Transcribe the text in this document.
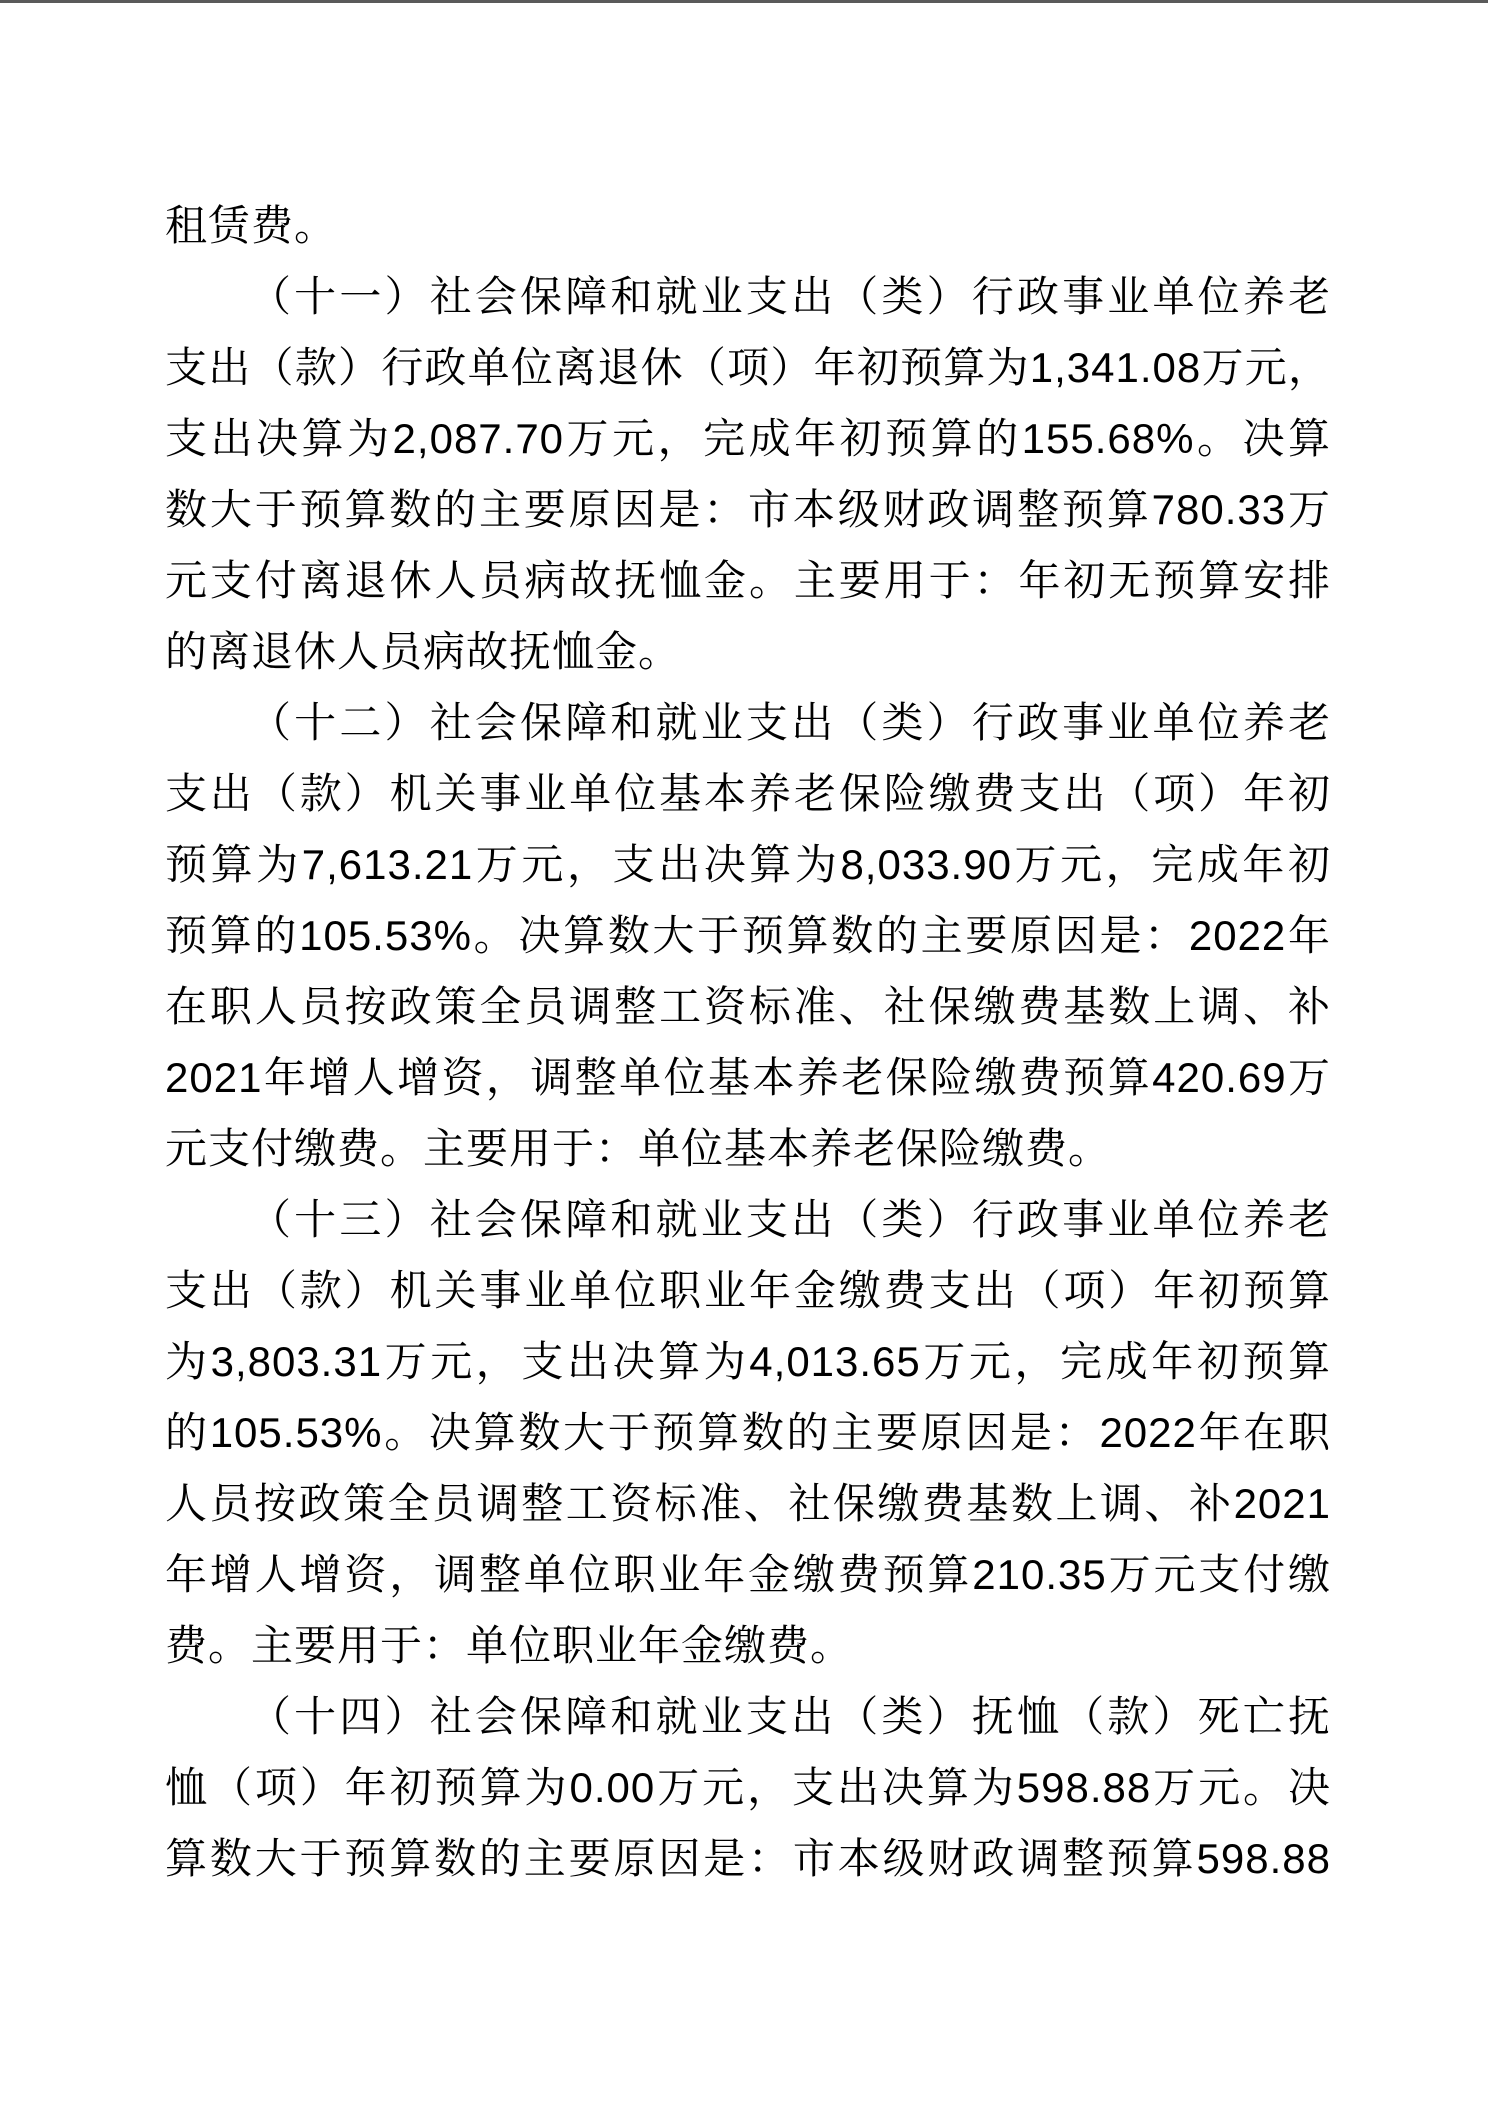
租赁费。
（十一）社会保障和就业支出（类）行政事业单位养老
支出（款）行政单位离退休（项）年初预算为1,341.08万元，
支出决算为2,087.70万元，完成年初预算的155.68%。决算
数大于预算数的主要原因是：市本级财政调整预算780.33万
元支付离退休人员病故抚恤金。主要用于：年初无预算安排
的离退休人员病故抚恤金。
（十二）社会保障和就业支出（类）行政事业单位养老
支出（款）机关事业单位基本养老保险缴费支出（项）年初
预算为7,613.21万元，支出决算为8,033.90万元，完成年初
预算的105.53%。决算数大于预算数的主要原因是：2022年
在职人员按政策全员调整工资标准、社保缴费基数上调、补
2021年增人增资，调整单位基本养老保险缴费预算420.69万
元支付缴费。主要用于：单位基本养老保险缴费。
（十三）社会保障和就业支出（类）行政事业单位养老
支出（款）机关事业单位职业年金缴费支出（项）年初预算
为3,803.31万元，支出决算为4,013.65万元，完成年初预算
的105.53%。决算数大于预算数的主要原因是：2022年在职
人员按政策全员调整工资标准、社保缴费基数上调、补2021
年增人增资，调整单位职业年金缴费预算210.35万元支付缴
费。主要用于：单位职业年金缴费。
（十四）社会保障和就业支出（类）抚恤（款）死亡抚
恤（项）年初预算为0.00万元，支出决算为598.88万元。决
算数大于预算数的主要原因是：市本级财政调整预算598.88
